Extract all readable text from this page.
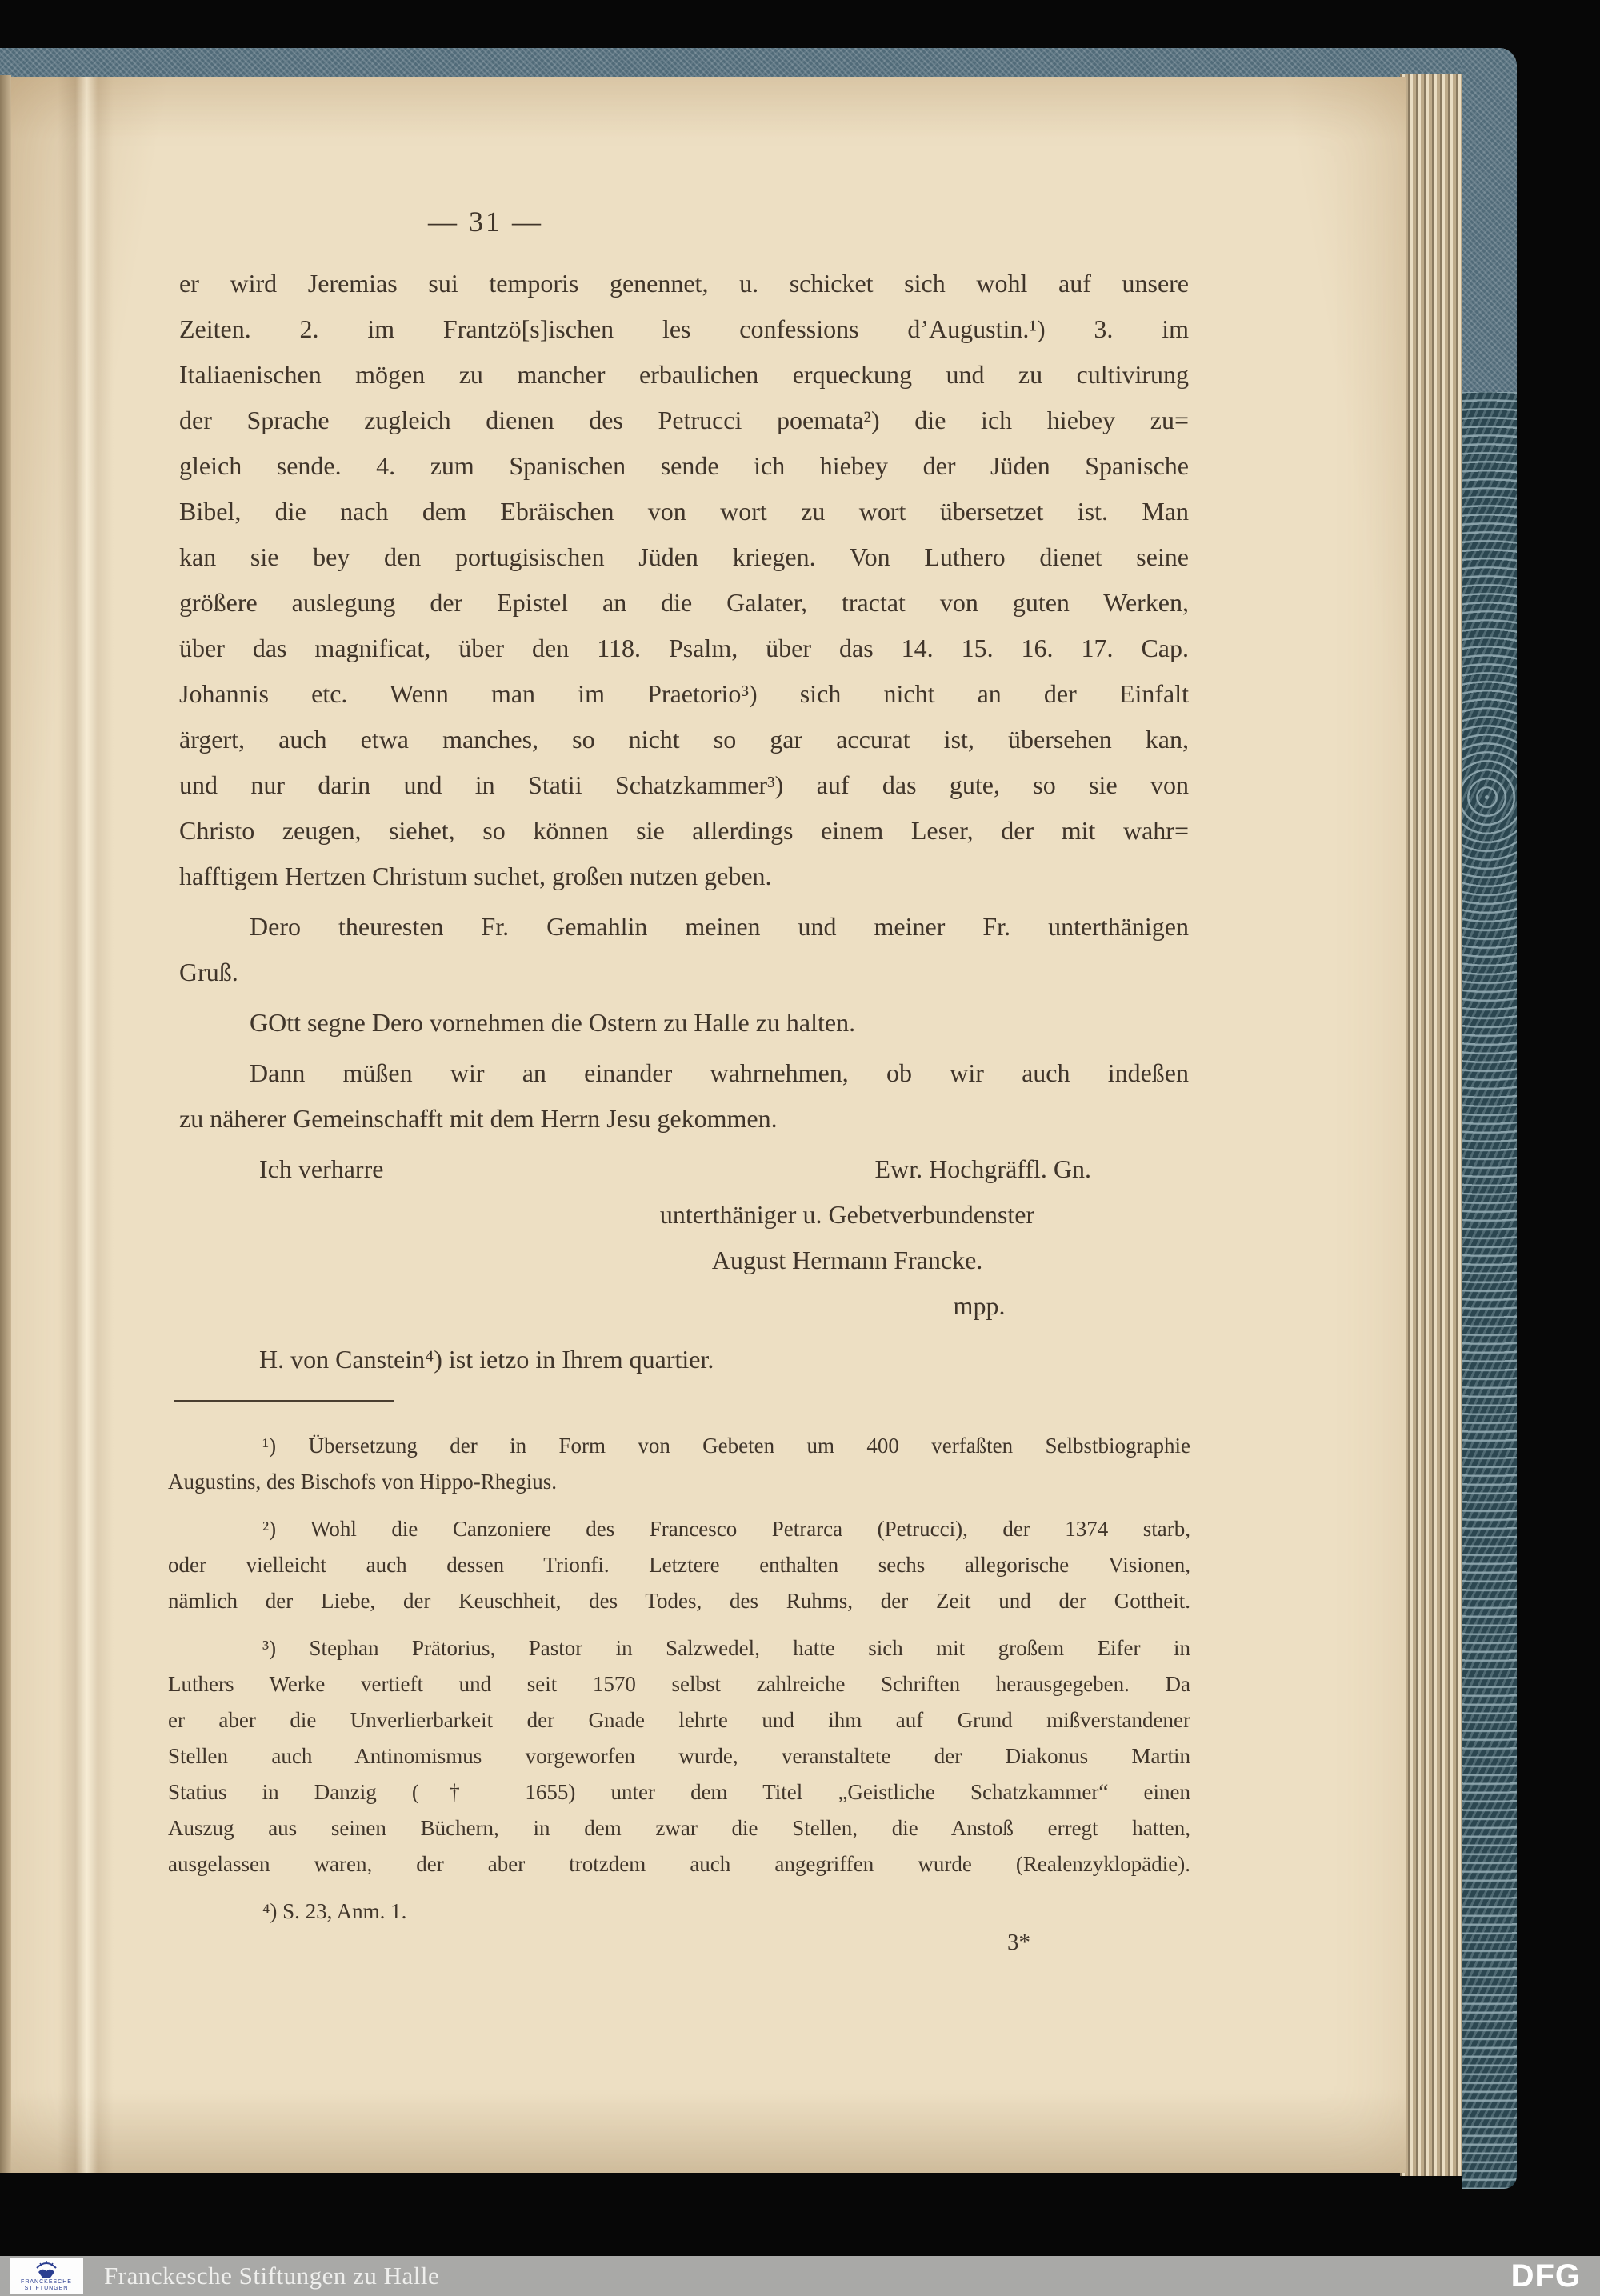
— 31 —
er wird Jeremias sui temporis genennet, u. schicket sich wohl auf unsere
Zeiten. 2. im Frantzö[s]ischen les confessions d’Augustin.¹) 3. im
Italiaenischen mögen zu mancher erbaulichen erqueckung und zu cultivirung
der Sprache zugleich dienen des Petrucci poemata²) die ich hiebey zu=
gleich sende. 4. zum Spanischen sende ich hiebey der Jüden Spanische
Bibel, die nach dem Ebräischen von wort zu wort übersetzet ist. Man
kan sie bey den portugisischen Jüden kriegen. Von Luthero dienet seine
größere auslegung der Epistel an die Galater, tractat von guten Werken,
über das magnificat, über den 118. Psalm, über das 14. 15. 16. 17. Cap.
Johannis etc. Wenn man im Praetorio³) sich nicht an der Einfalt
ärgert, auch etwa manches, so nicht so gar accurat ist, übersehen kan,
und nur darin und in Statii Schatzkammer³) auf das gute, so sie von
Christo zeugen, siehet, so können sie allerdings einem Leser, der mit wahr=
hafftigem Hertzen Christum suchet, großen nutzen geben.
Dero theuresten Fr. Gemahlin meinen und meiner Fr. unterthänigen
Gruß.
GOtt segne Dero vornehmen die Ostern zu Halle zu halten.
Dann müßen wir an einander wahrnehmen, ob wir auch indeßen
zu näherer Gemeinschafft mit dem Herrn Jesu gekommen.
Ich verharre	Ewr. Hochgräffl. Gn.
unterthäniger u. Gebetverbundenster
August Hermann Francke.
mpp.
H. von Canstein⁴) ist ietzo in Ihrem quartier.
¹) Übersetzung der in Form von Gebeten um 400 verfaßten Selbstbiographie
Augustins, des Bischofs von Hippo-Rhegius.
²) Wohl die Canzoniere des Francesco Petrarca (Petrucci), der 1374 starb,
oder vielleicht auch dessen Trionfi. Letztere enthalten sechs allegorische Visionen,
nämlich der Liebe, der Keuschheit, des Todes, des Ruhms, der Zeit und der Gottheit.
³) Stephan Prätorius, Pastor in Salzwedel, hatte sich mit großem Eifer in
Luthers Werke vertieft und seit 1570 selbst zahlreiche Schriften herausgegeben. Da
er aber die Unverlierbarkeit der Gnade lehrte und ihm auf Grund mißverstandener
Stellen auch Antinomismus vorgeworfen wurde, veranstaltete der Diakonus Martin
Statius in Danzig († 1655) unter dem Titel „Geistliche Schatzkammer“ einen
Auszug aus seinen Büchern, in dem zwar die Stellen, die Anstoß erregt hatten,
ausgelassen waren, der aber trotzdem auch angegriffen wurde (Realenzyklopädie).
⁴) S. 23, Anm. 1.
3*
FRANCKESCHE STIFTUNGEN	Franckesche Stiftungen zu Halle	DFG
